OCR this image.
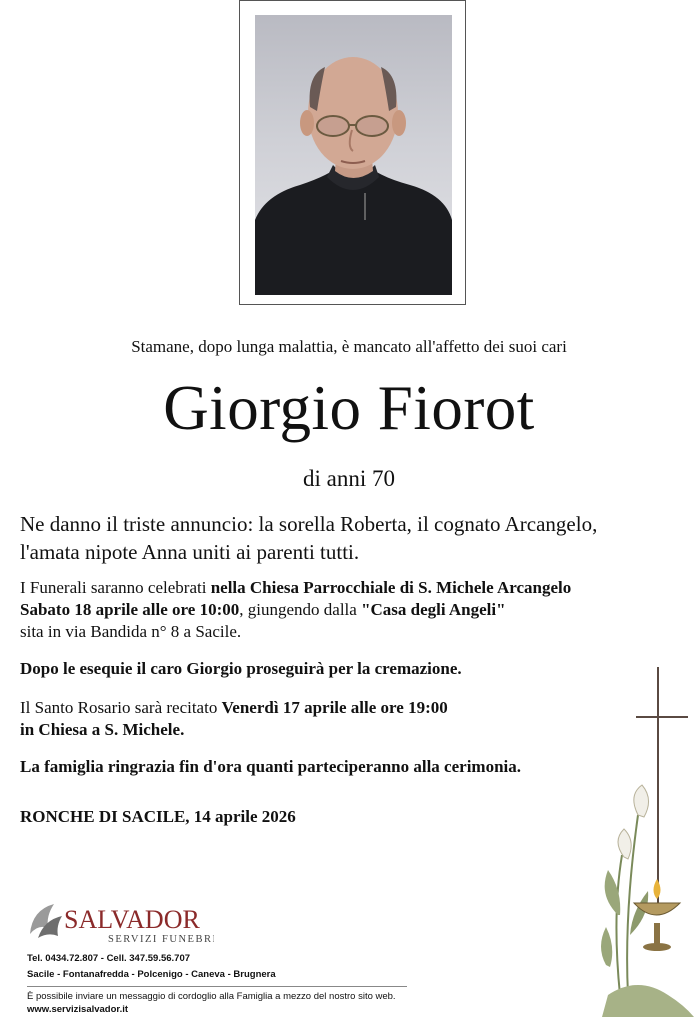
Stamane, dopo lunga malattia, è mancato all'affetto dei suoi cari
Giorgio Fiorot
di anni 70
Ne danno il triste annuncio: la sorella Roberta, il cognato Arcangelo, l'amata nipote Anna uniti ai parenti tutti.
I Funerali saranno celebrati nella Chiesa Parrocchiale di S. Michele Arcangelo
Sabato 18 aprile alle ore 10:00, giungendo dalla "Casa degli Angeli"
sita in via Bandida n° 8 a Sacile.
Dopo le esequie il caro Giorgio proseguirà per la cremazione.
Il Santo Rosario sarà recitato Venerdì 17 aprile alle ore 19:00
in Chiesa a S. Michele.
La famiglia ringrazia fin d'ora quanti parteciperanno alla cerimonia.
RONCHE DI SACILE, 14 aprile 2026
SALVADOR
SERVIZI FUNEBRI
Tel. 0434.72.807 - Cell. 347.59.56.707
Sacile - Fontanafredda - Polcenigo - Caneva - Brugnera
È possibile inviare un messaggio di cordoglio alla Famiglia a mezzo del nostro sito web.
www.servizisalvador.it
